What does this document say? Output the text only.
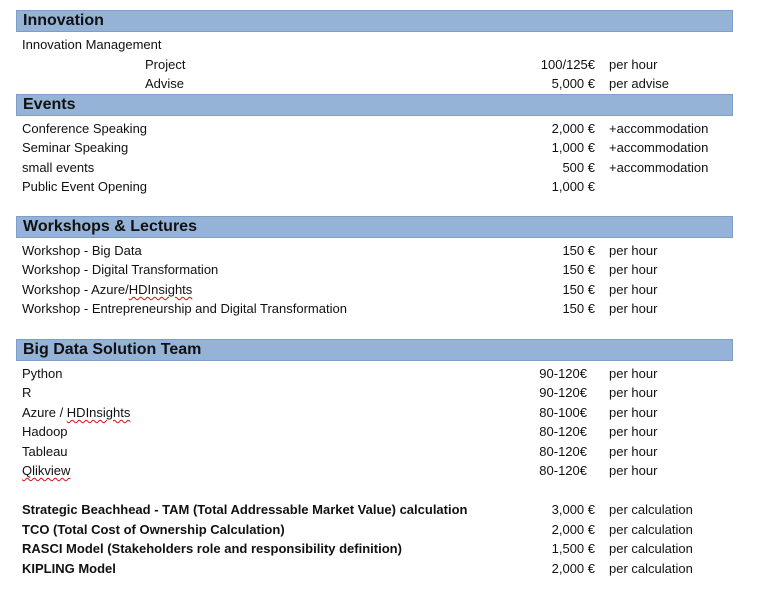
Innovation
Innovation Management
Project	100/125€ per hour
Advise	5,000 € per advise
Events
Conference Speaking	2,000 € +accommodation
Seminar Speaking	1,000 € +accommodation
small events	500 € +accommodation
Public Event Opening	1,000 €
Workshops & Lectures
Workshop - Big Data	150 € per hour
Workshop - Digital Transformation	150 € per hour
Workshop - Azure/HDInsights	150 € per hour
Workshop - Entrepreneurship and Digital Transformation	150 € per hour
Big Data Solution Team
Python	90-120€ per hour
R	90-120€ per hour
Azure / HDInsights	80-100€ per hour
Hadoop	80-120€ per hour
Tableau	80-120€ per hour
Qlikview	80-120€ per hour
Strategic Beachhead - TAM (Total Addressable Market Value) calculation	3,000 € per calculation
TCO (Total Cost of Ownership Calculation)	2,000 € per calculation
RASCI Model (Stakeholders role and responsibility definition)	1,500 € per calculation
KIPLING Model	2,000 € per calculation
